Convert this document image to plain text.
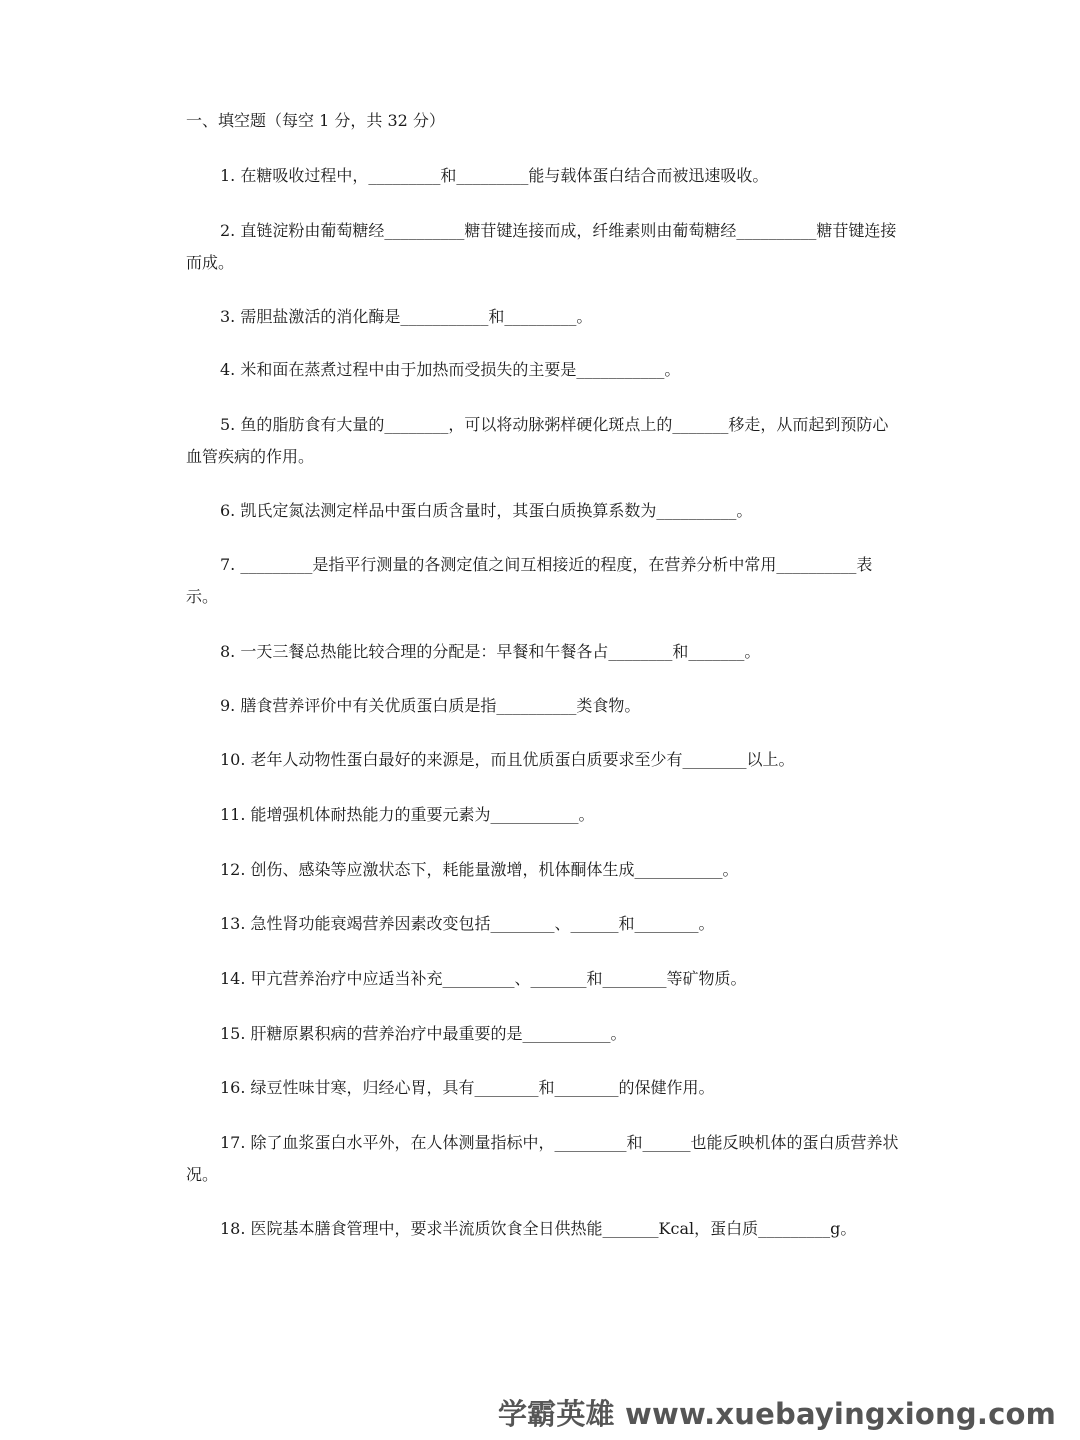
一、填空题（每空 1 分，共 32 分）
1. 在糖吸收过程中，_________和_________能与载体蛋白结合而被迅速吸收。
2. 直链淀粉由葡萄糖经__________糖苷键连接而成，纤维素则由葡萄糖经__________糖苷键连接而成。
3. 需胆盐激活的消化酶是___________和_________。
4. 米和面在蒸煮过程中由于加热而受损失的主要是___________。
5. 鱼的脂肪食有大量的________，可以将动脉粥样硬化斑点上的_______移走，从而起到预防心血管疾病的作用。
6. 凯氏定氮法测定样品中蛋白质含量时，其蛋白质换算系数为__________。
7. _________是指平行测量的各测定值之间互相接近的程度，在营养分析中常用__________表示。
8. 一天三餐总热能比较合理的分配是：早餐和午餐各占________和_______。
9. 膳食营养评价中有关优质蛋白质是指__________类食物。
10. 老年人动物性蛋白最好的来源是，而且优质蛋白质要求至少有________以上。
11. 能增强机体耐热能力的重要元素为___________。
12. 创伤、感染等应激状态下，耗能量激增，机体酮体生成___________。
13. 急性肾功能衰竭营养因素改变包括________、______和________。
14. 甲亢营养治疗中应适当补充_________、_______和________等矿物质。
15. 肝糖原累积病的营养治疗中最重要的是___________。
16. 绿豆性味甘寒，归经心胃，具有________和________的保健作用。
17. 除了血浆蛋白水平外，在人体测量指标中，_________和______也能反映机体的蛋白质营养状况。
18. 医院基本膳食管理中，要求半流质饮食全日供热能_______Kcal，蛋白质_________g。
学霸英雄 www.xuebayingxiong.com
